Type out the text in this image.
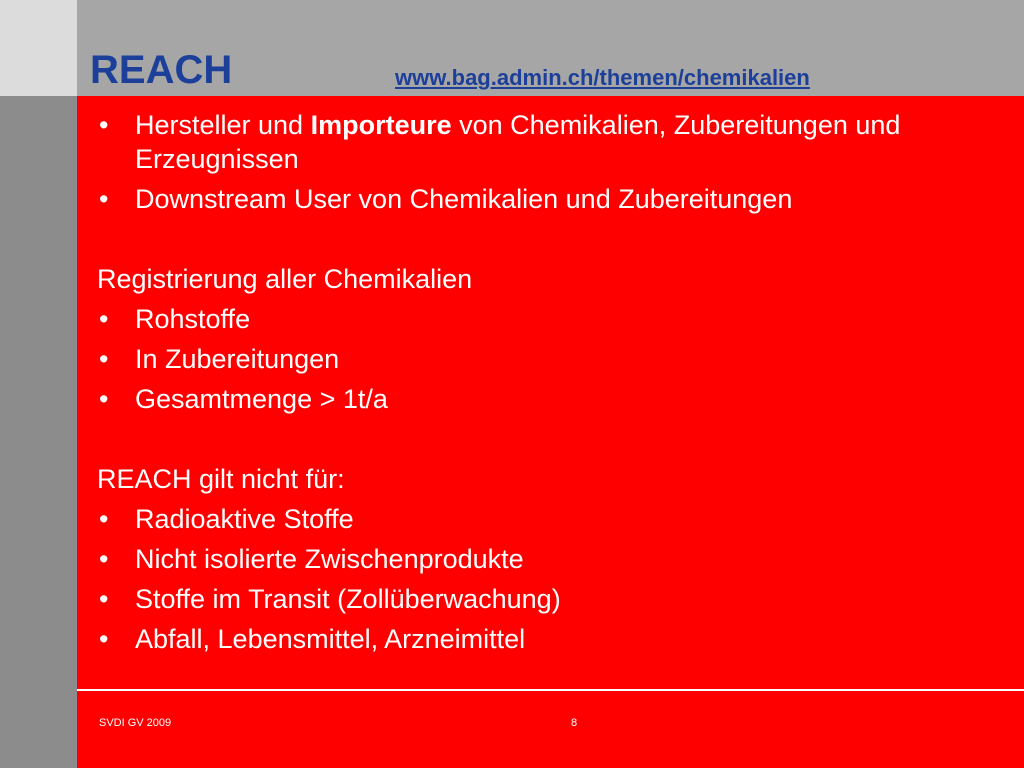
REACH	www.bag.admin.ch/themen/chemikalien
• Hersteller und Importeure von Chemikalien, Zubereitungen und Erzeugnissen
• Downstream User von Chemikalien und Zubereitungen
Registrierung aller Chemikalien
• Rohstoffe
• In Zubereitungen
• Gesamtmenge > 1t/a
REACH gilt nicht für:
• Radioaktive Stoffe
• Nicht isolierte Zwischenprodukte
• Stoffe im Transit (Zollüberwachung)
• Abfall, Lebensmittel, Arzneimittel
SVDI GV 2009	8
